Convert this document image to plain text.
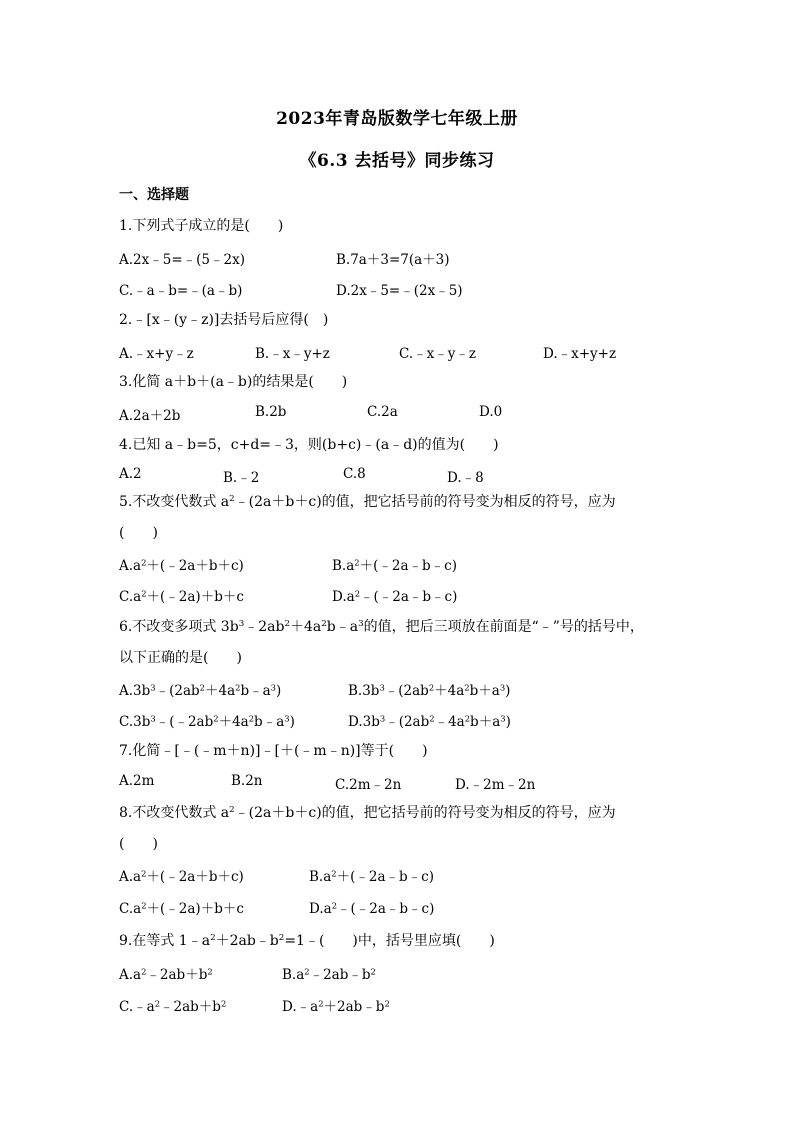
2023年青岛版数学七年级上册

《6.3 去括号》同步练习

一、选择题

1.下列式子成立的是(　　)

A.2x﹣5=﹣(5﹣2x)	B.7a＋3=7(a＋3)
C.﹣a﹣b=﹣(a﹣b)	D.2x﹣5=﹣(2x﹣5)

2.﹣[x﹣(y﹣z)]去括号后应得(　)

A.﹣x+y﹣z	B.﹣x﹣y+z	C.﹣x﹣y﹣z	D.﹣x+y+z

3.化简 a＋b＋(a﹣b)的结果是(　　)

A.2a＋2b	B.2b	C.2a	D.0

4.已知 a﹣b=5，c+d=﹣3，则(b+c)﹣(a﹣d)的值为(　　)

A.2	B.﹣2	C.8	D.﹣8

5.不改变代数式 $a^2﹣(2a+b+c)$的值，把它括号前的符号变为相反的符号，应为

(　　)

$A.a^2+(﹣2a+b+c)$	$B.a^2+(﹣2a﹣b﹣c)$
$C.a^2+(﹣2a)+b+c$	$D.a^2﹣(﹣2a﹣b﹣c)$

6.不改变多项式 $3b^3﹣2ab^2+4a^2b﹣a^3$的值，把后三项放在前面是“﹣”号的括号中，

以下正确的是(　　)

$A.3b^3﹣(2ab^2+4a^2b﹣a^3)$	$B.3b^3﹣(2ab^2+4a^2b+a^3)$
$C.3b^3﹣(﹣2ab^2+4a^2b﹣a^3)$	$D.3b^3﹣(2ab^2﹣4a^2b+a^3)$

7.化简﹣[﹣(﹣m＋n)]﹣[＋(﹣m﹣n)]等于(　　)

A.2m	B.2n	C.2m﹣2n	D.﹣2m﹣2n

8.不改变代数式 $a^2﹣(2a+b+c)$的值，把它括号前的符号变为相反的符号，应为

(　　)

$A.a^2+(﹣2a+b+c)$	$B.a^2+(﹣2a﹣b﹣c)$
$C.a^2+(﹣2a)+b+c$	$D.a^2﹣(﹣2a﹣b﹣c)$

9.在等式 $1﹣a^2+2ab﹣b^2=1﹣$(　　)中，括号里应填(　　)

$A.a^2﹣2ab+b^2$	$B.a^2﹣2ab﹣b^2$
$C.﹣a^2﹣2ab+b^2$	$D.﹣a^2+2ab﹣b^2$
